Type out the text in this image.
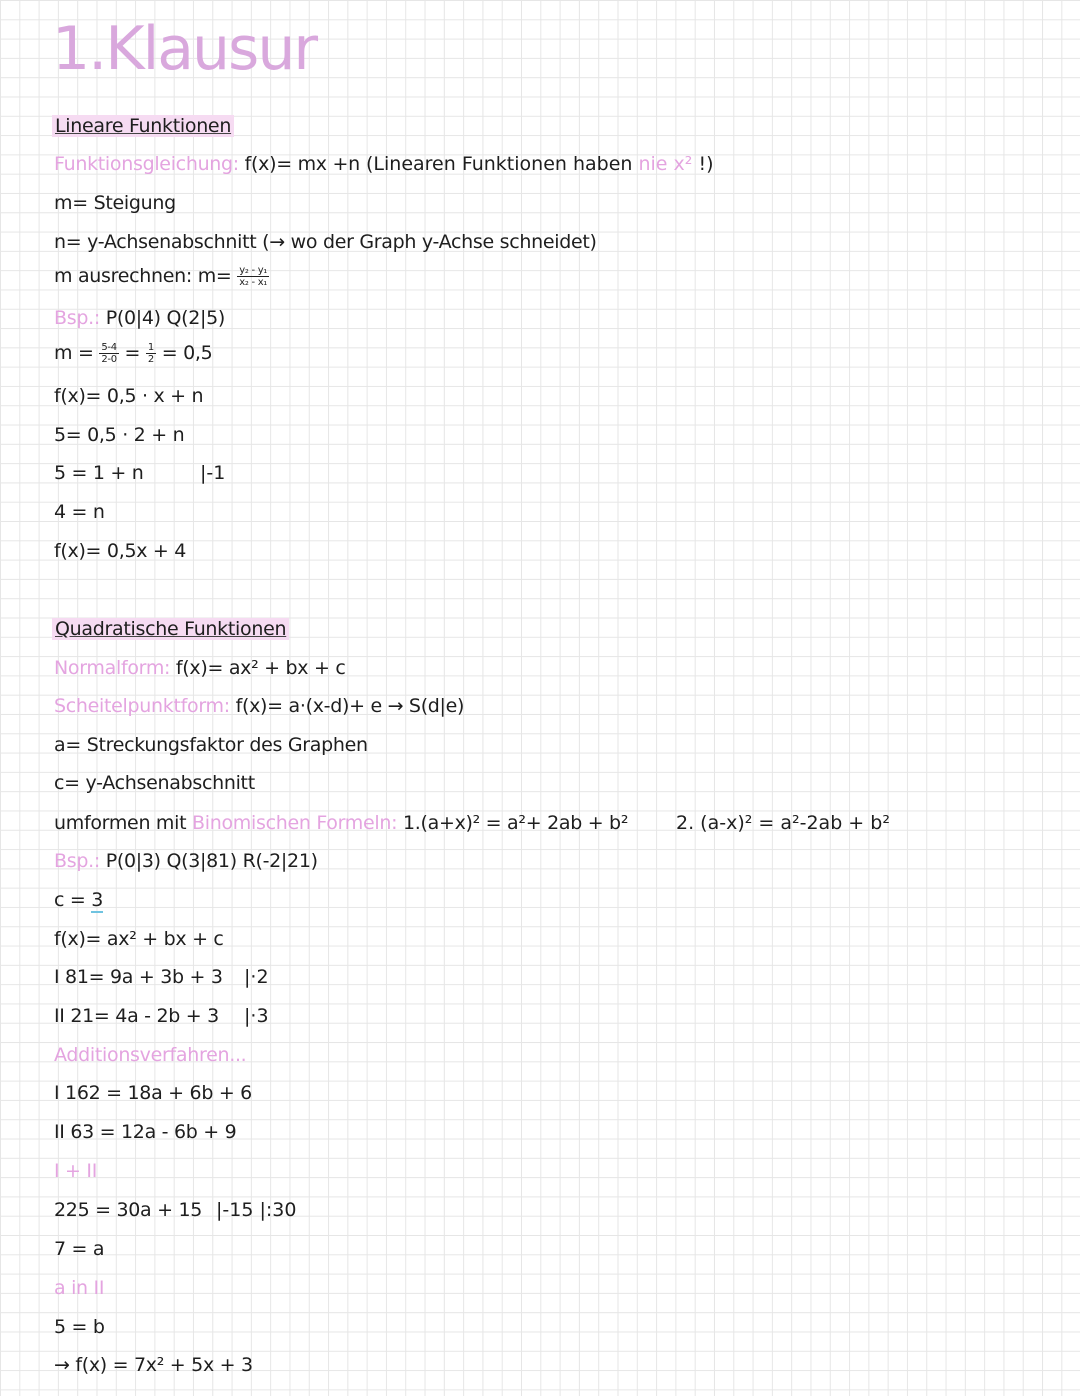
1.Klausur
Lineare Funktionen
Funktionsgleichung: f(x)= mx +n (Linearen Funktionen haben nie x² !)
m= Steigung
n= y-Achsenabschnitt (→ wo der Graph y-Achse schneidet)
m ausrechnen: $m= \frac{\text{y₂ - y₁}}{\text{x₂ - x₁}}$
Bsp.: P(0|4) Q(2|5)
$m = \frac{5-4}{2-0} = \frac{1}{2} = 0,5$
f(x)= 0,5 · x + n
5= 0,5 · 2 + n
5 = 1 + n	|-1
4 = n
f(x)= 0,5x + 4
Quadratische Funktionen
Normalform: f(x)= ax² + bx + c
Scheitelpunktform: f(x)= a·(x-d)+ e → S(d|e)
a= Streckungsfaktor des Graphen
c= y-Achsenabschnitt
umformen mit Binomischen Formeln: 1.(a+x)² = a²+ 2ab + b²	2. (a-x)² = a²-2ab + b²
Bsp.: P(0|3) Q(3|81) R(-2|21)
c = 3
f(x)= ax² + bx + c
I 81= 9a + 3b + 3 |·2
II 21= 4a - 2b + 3 |·3
Additionsverfahren...
I 162 = 18a + 6b + 6
II 63 = 12a - 6b + 9
I + II
225 = 30a + 15 |-15 |:30
7 = a
a in II
5 = b
→ f(x) = 7x² + 5x + 3
